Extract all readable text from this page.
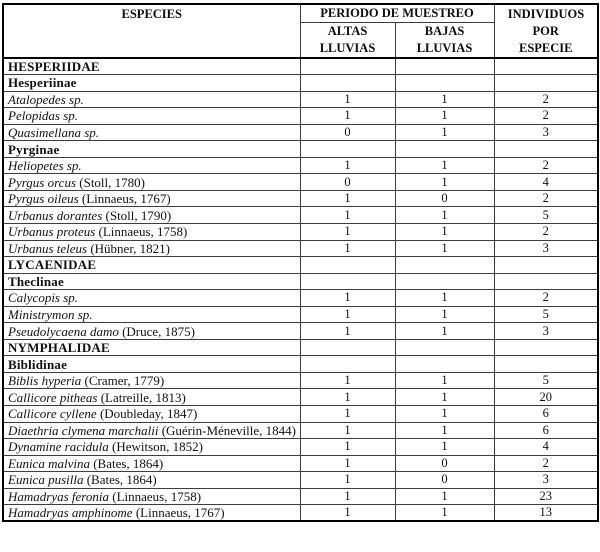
ESPECIES	PERIODO DE MUESTREO		INDIVIDUOS POR ESPECIE

	ALTAS LLUVIAS	BAJAS LLUVIAS	

HESPERIIDAE			
Hesperiinae			
Atalopedes sp.	1	1	2
Pelopidas sp.	1	1	2
Quasimellana sp.	0	1	3
Pyrginae			
Heliopetes sp.	1	1	2
Pyrgus orcus (Stoll, 1780)	0	1	4
Pyrgus oileus (Linnaeus, 1767)	1	0	2
Urbanus dorantes (Stoll, 1790)	1	1	5
Urbanus proteus (Linnaeus, 1758)	1	1	2
Urbanus teleus (Hübner, 1821)	1	1	3
LYCAENIDAE			
Theclinae			
Calycopis sp.	1	1	2
Ministrymon sp.	1	1	5
Pseudolycaena damo (Druce, 1875)	1	1	3
NYMPHALIDAE			
Biblidinae			
Biblis hyperia (Cramer, 1779)	1	1	5
Callicore pitheas (Latreille, 1813)	1	1	20
Callicore cyllene (Doubleday, 1847)	1	1	6
Diaethria clymena marchalii (Guérin-Méneville, 1844)	1	1	6
Dynamine racidula (Hewitson, 1852)	1	1	4
Eunica malvina (Bates, 1864)	1	0	2
Eunica pusilla (Bates, 1864)	1	0	3
Hamadryas feronia (Linnaeus, 1758)	1	1	23
Hamadryas amphinome (Linnaeus, 1767)	1	1	13
